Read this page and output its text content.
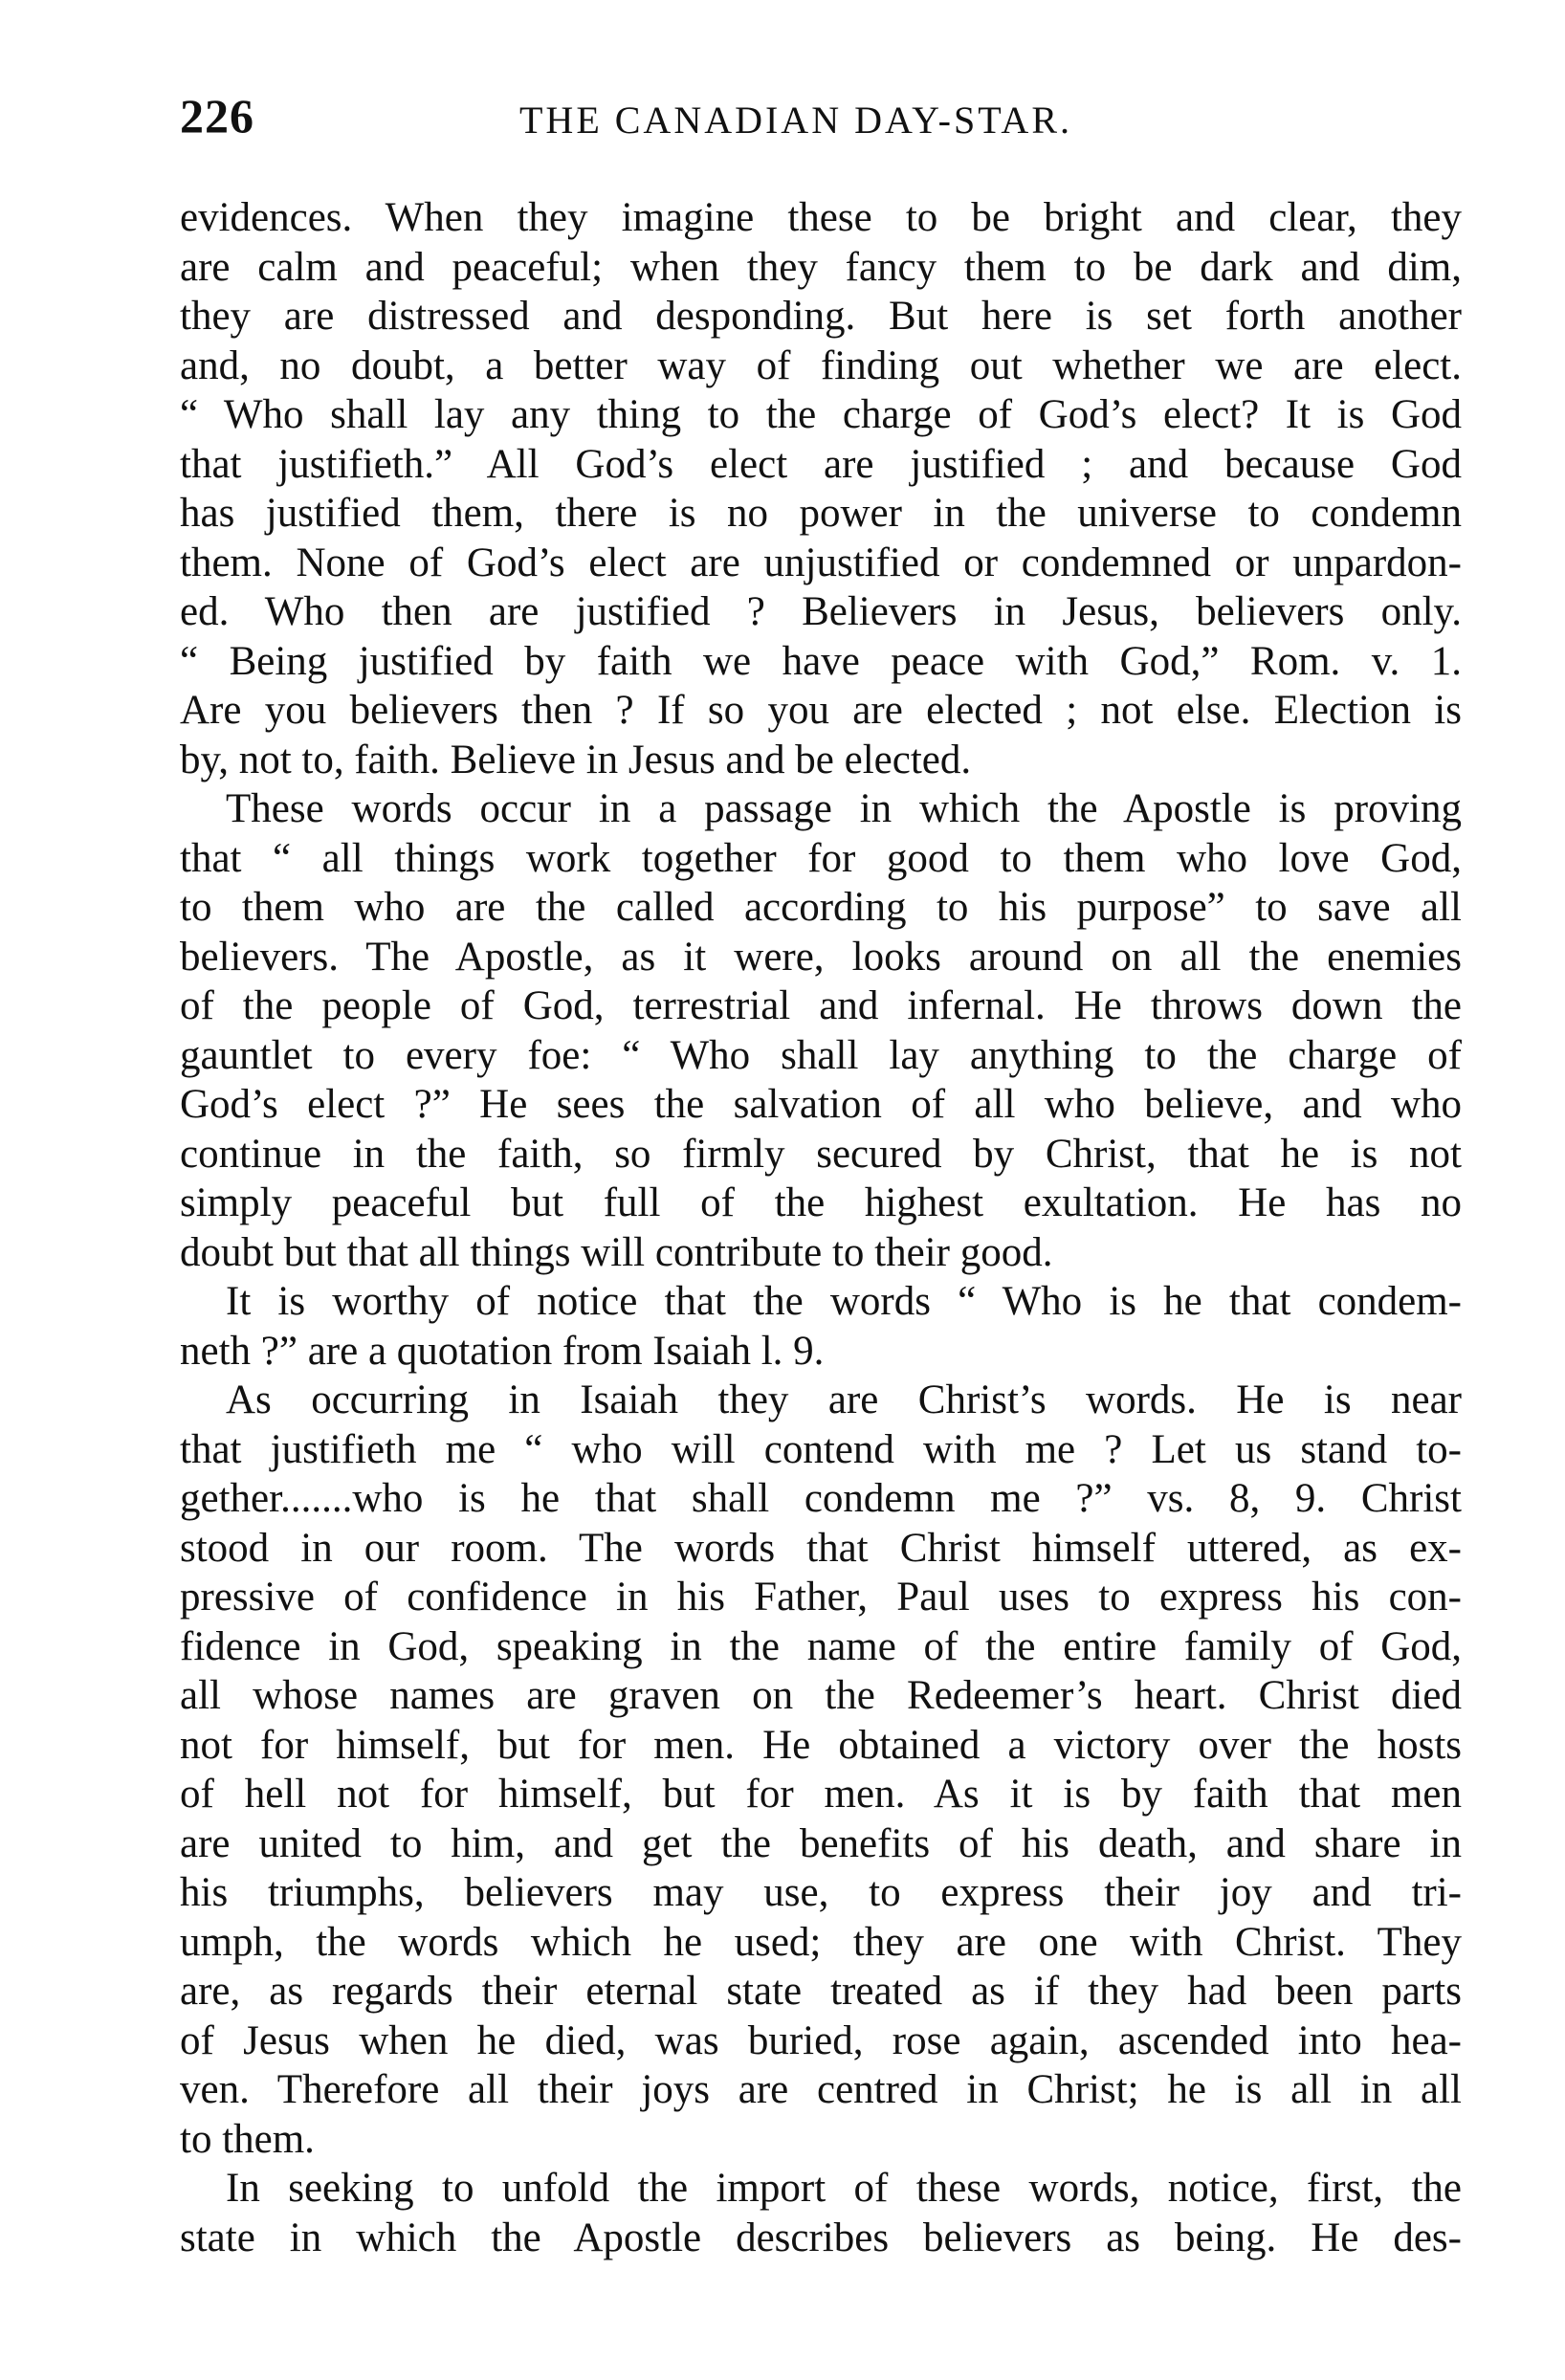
226	THE CANADIAN DAY-STAR.
evidences. When they imagine these to be bright and clear, they
are calm and peaceful; when they fancy them to be dark and dim,
they are distressed and desponding. But here is set forth another
and, no doubt, a better way of finding out whether we are elect.
“ Who shall lay any thing to the charge of God’s elect? It is God
that justifieth.” All God’s elect are justified ; and because God
has justified them, there is no power in the universe to condemn
them. None of God’s elect are unjustified or condemned or unpardon-
ed. Who then are justified ? Believers in Jesus, believers only.
“ Being justified by faith we have peace with God,” Rom. v. 1.
Are you believers then ? If so you are elected ; not else. Election is
by, not to, faith. Believe in Jesus and be elected.
These words occur in a passage in which the Apostle is proving
that “ all things work together for good to them who love God,
to them who are the called according to his purpose” to save all
believers. The Apostle, as it were, looks around on all the enemies
of the people of God, terrestrial and infernal. He throws down the
gauntlet to every foe: “ Who shall lay anything to the charge of
God’s elect ?” He sees the salvation of all who believe, and who
continue in the faith, so firmly secured by Christ, that he is not
simply peaceful but full of the highest exultation. He has no
doubt but that all things will contribute to their good.
It is worthy of notice that the words “ Who is he that condem-
neth ?” are a quotation from Isaiah l. 9.
As occurring in Isaiah they are Christ’s words. He is near
that justifieth me “ who will contend with me ? Let us stand to-
gether.......who is he that shall condemn me ?” vs. 8, 9. Christ
stood in our room. The words that Christ himself uttered, as ex-
pressive of confidence in his Father, Paul uses to express his con-
fidence in God, speaking in the name of the entire family of God,
all whose names are graven on the Redeemer’s heart. Christ died
not for himself, but for men. He obtained a victory over the hosts
of hell not for himself, but for men. As it is by faith that men
are united to him, and get the benefits of his death, and share in
his triumphs, believers may use, to express their joy and tri-
umph, the words which he used; they are one with Christ. They
are, as regards their eternal state treated as if they had been parts
of Jesus when he died, was buried, rose again, ascended into hea-
ven. Therefore all their joys are centred in Christ; he is all in all
to them.
In seeking to unfold the import of these words, notice, first, the
state in which the Apostle describes believers as being. He des-
